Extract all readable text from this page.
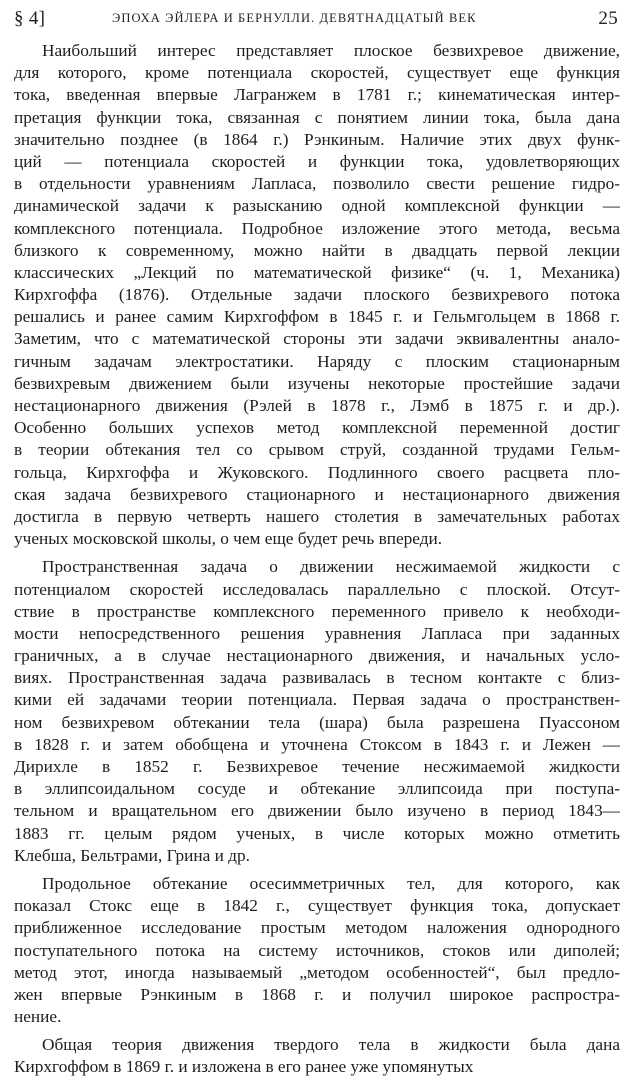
§ 4]	ЭПОХА ЭЙЛЕРА И БЕРНУЛЛИ. ДЕВЯТНАДЦАТЫЙ ВЕК	25
Наибольший интерес представляет плоское безвихревое движение,
для которого, кроме потенциала скоростей, существует еще функция
тока, введенная впервые Лагранжем в 1781 г.; кинематическая интер-
претация функции тока, связанная с понятием линии тока, была дана
значительно позднее (в 1864 г.) Рэнкиным. Наличие этих двух функ-
ций — потенциала скоростей и функции тока, удовлетворяющих
в отдельности уравнениям Лапласа, позволило свести решение гидро-
динамической задачи к разысканию одной комплексной функции —
комплексного потенциала. Подробное изложение этого метода, весьма
близкого к современному, можно найти в двадцать первой лекции
классических „Лекций по математической физике“ (ч. 1, Механика)
Кирхгоффа (1876). Отдельные задачи плоского безвихревого потока
решались и ранее самим Кирхгоффом в 1845 г. и Гельмгольцем в 1868 г.
Заметим, что с математической стороны эти задачи эквивалентны анало-
гичным задачам электростатики. Наряду с плоским стационарным
безвихревым движением были изучены некоторые простейшие задачи
нестационарного движения (Рэлей в 1878 г., Лэмб в 1875 г. и др.).
Особенно больших успехов метод комплексной переменной достиг
в теории обтекания тел со срывом струй, созданной трудами Гельм-
гольца, Кирхгоффа и Жуковского. Подлинного своего расцвета пло-
ская задача безвихревого стационарного и нестационарного движения
достигла в первую четверть нашего столетия в замечательных работах
ученых московской школы, о чем еще будет речь впереди.
Пространственная задача о движении несжимаемой жидкости с
потенциалом скоростей исследовалась параллельно с плоской. Отсут-
ствие в пространстве комплексного переменного привело к необходи-
мости непосредственного решения уравнения Лапласа при заданных
граничных, а в случае нестационарного движения, и начальных усло-
виях. Пространственная задача развивалась в тесном контакте с близ-
кими ей задачами теории потенциала. Первая задача о пространствен-
ном безвихревом обтекании тела (шара) была разрешена Пуассоном
в 1828 г. и затем обобщена и уточнена Стоксом в 1843 г. и Лежен —
Дирихле в 1852 г. Безвихревое течение несжимаемой жидкости
в эллипсоидальном сосуде и обтекание эллипсоида при поступа-
тельном и вращательном его движении было изучено в период 1843—
1883 гг. целым рядом ученых, в числе которых можно отметить
Клебша, Бельтрами, Грина и др.
Продольное обтекание осесимметричных тел, для которого, как
показал Стокс еще в 1842 г., существует функция тока, допускает
приближенное исследование простым методом наложения однородного
поступательного потока на систему источников, стоков или диполей;
метод этот, иногда называемый „методом особенностей“, был предло-
жен впервые Рэнкиным в 1868 г. и получил широкое распростра-
нение.
Общая теория движения твердого тела в жидкости была дана
Кирхгоффом в 1869 г. и изложена в его ранее уже упомянутых
